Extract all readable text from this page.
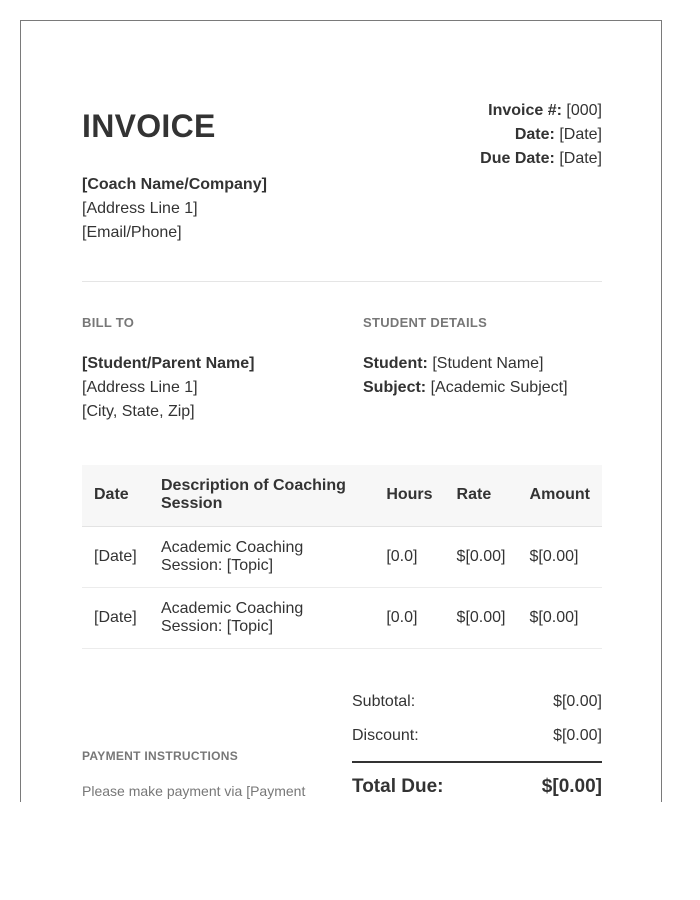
INVOICE	Invoice #: [000]
Date: [Date]
Due Date: [Date]
[Coach Name/Company]
[Address Line 1]
[Email/Phone]
BILL TO
[Student/Parent Name]
[Address Line 1]
[City, State, Zip]
STUDENT DETAILS
Student: [Student Name]
Subject: [Academic Subject]
Date	Description of Coaching Session	Hours	Rate	Amount
[Date]	Academic Coaching Session: [Topic]	[0.0]	$[0.00]	$[0.00]
[Date]	Academic Coaching Session: [Topic]	[0.0]	$[0.00]	$[0.00]
PAYMENT INSTRUCTIONS
Please make payment via [Payment
Subtotal:	$[0.00]
Discount:	$[0.00]
Total Due:	$[0.00]
